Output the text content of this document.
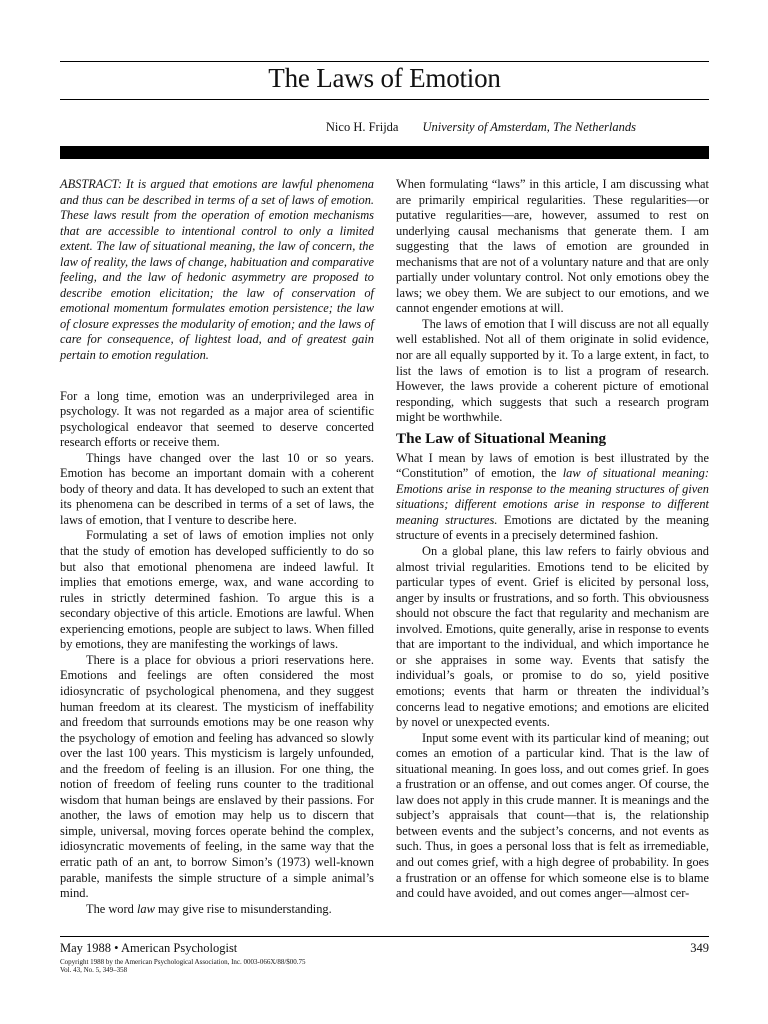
The Laws of Emotion
Nico H. Frijda University of Amsterdam, The Netherlands

ABSTRACT: It is argued that emotions are lawful phenomena and thus can be described in terms of a set of laws of emotion. These laws result from the operation of emotion mechanisms that are accessible to intentional control to only a limited extent. The law of situational meaning, the law of concern, the law of reality, the laws of change, habituation and comparative feeling, and the law of hedonic asymmetry are proposed to describe emotion elicitation; the law of conservation of emotional momentum formulates emotion persistence; the law of closure expresses the modularity of emotion; and the laws of care for consequence, of lightest load, and of greatest gain pertain to emotion regulation.

For a long time, emotion was an underprivileged area in psychology. It was not regarded as a major area of scientific psychological endeavor that seemed to deserve concerted research efforts or receive them.

Things have changed over the last 10 or so years. Emotion has become an important domain with a coherent body of theory and data. It has developed to such an extent that its phenomena can be described in terms of a set of laws, the laws of emotion, that I venture to describe here.

Formulating a set of laws of emotion implies not only that the study of emotion has developed sufficiently to do so but also that emotional phenomena are indeed lawful. It implies that emotions emerge, wax, and wane according to rules in strictly determined fashion. To argue this is a secondary objective of this article. Emotions are lawful. When experiencing emotions, people are subject to laws. When filled by emotions, they are manifesting the workings of laws.

There is a place for obvious a priori reservations here. Emotions and feelings are often considered the most idiosyncratic of psychological phenomena, and they suggest human freedom at its clearest. The mysticism of ineffability and freedom that surrounds emotions may be one reason why the psychology of emotion and feeling has advanced so slowly over the last 100 years. This mysticism is largely unfounded, and the freedom of feeling is an illusion. For one thing, the notion of freedom of feeling runs counter to the traditional wisdom that human beings are enslaved by their passions. For another, the laws of emotion may help us to discern that simple, universal, moving forces operate behind the complex, idiosyncratic movements of feeling, in the same way that the erratic path of an ant, to borrow Simon’s (1973) well-known parable, manifests the simple structure of a simple animal’s mind.

The word law may give rise to misunderstanding.

When formulating “laws” in this article, I am discussing what are primarily empirical regularities. These regularities—or putative regularities—are, however, assumed to rest on underlying causal mechanisms that generate them. I am suggesting that the laws of emotion are grounded in mechanisms that are not of a voluntary nature and that are only partially under voluntary control. Not only emotions obey the laws; we obey them. We are subject to our emotions, and we cannot engender emotions at will.

The laws of emotion that I will discuss are not all equally well established. Not all of them originate in solid evidence, nor are all equally supported by it. To a large extent, in fact, to list the laws of emotion is to list a program of research. However, the laws provide a coherent picture of emotional responding, which suggests that such a research program might be worthwhile.

The Law of Situational Meaning

What I mean by laws of emotion is best illustrated by the “Constitution” of emotion, the law of situational meaning: Emotions arise in response to the meaning structures of given situations; different emotions arise in response to different meaning structures. Emotions are dictated by the meaning structure of events in a precisely determined fashion.

On a global plane, this law refers to fairly obvious and almost trivial regularities. Emotions tend to be elicited by particular types of event. Grief is elicited by personal loss, anger by insults or frustrations, and so forth. This obviousness should not obscure the fact that regularity and mechanism are involved. Emotions, quite generally, arise in response to events that are important to the individual, and which importance he or she appraises in some way. Events that satisfy the individual’s goals, or promise to do so, yield positive emotions; events that harm or threaten the individual’s concerns lead to negative emotions; and emotions are elicited by novel or unexpected events.

Input some event with its particular kind of meaning; out comes an emotion of a particular kind. That is the law of situational meaning. In goes loss, and out comes grief. In goes a frustration or an offense, and out comes anger. Of course, the law does not apply in this crude manner. It is meanings and the subject’s appraisals that count—that is, the relationship between events and the subject’s concerns, and not events as such. Thus, in goes a personal loss that is felt as irremediable, and out comes grief, with a high degree of probability. In goes a frustration or an offense for which someone else is to blame and could have avoided, and out comes anger—almost cer-

May 1988 • American Psychologist
Copyright 1988 by the American Psychological Association, Inc. 0003-066X/88/$00.75
Vol. 43, No. 5, 349–358
349
